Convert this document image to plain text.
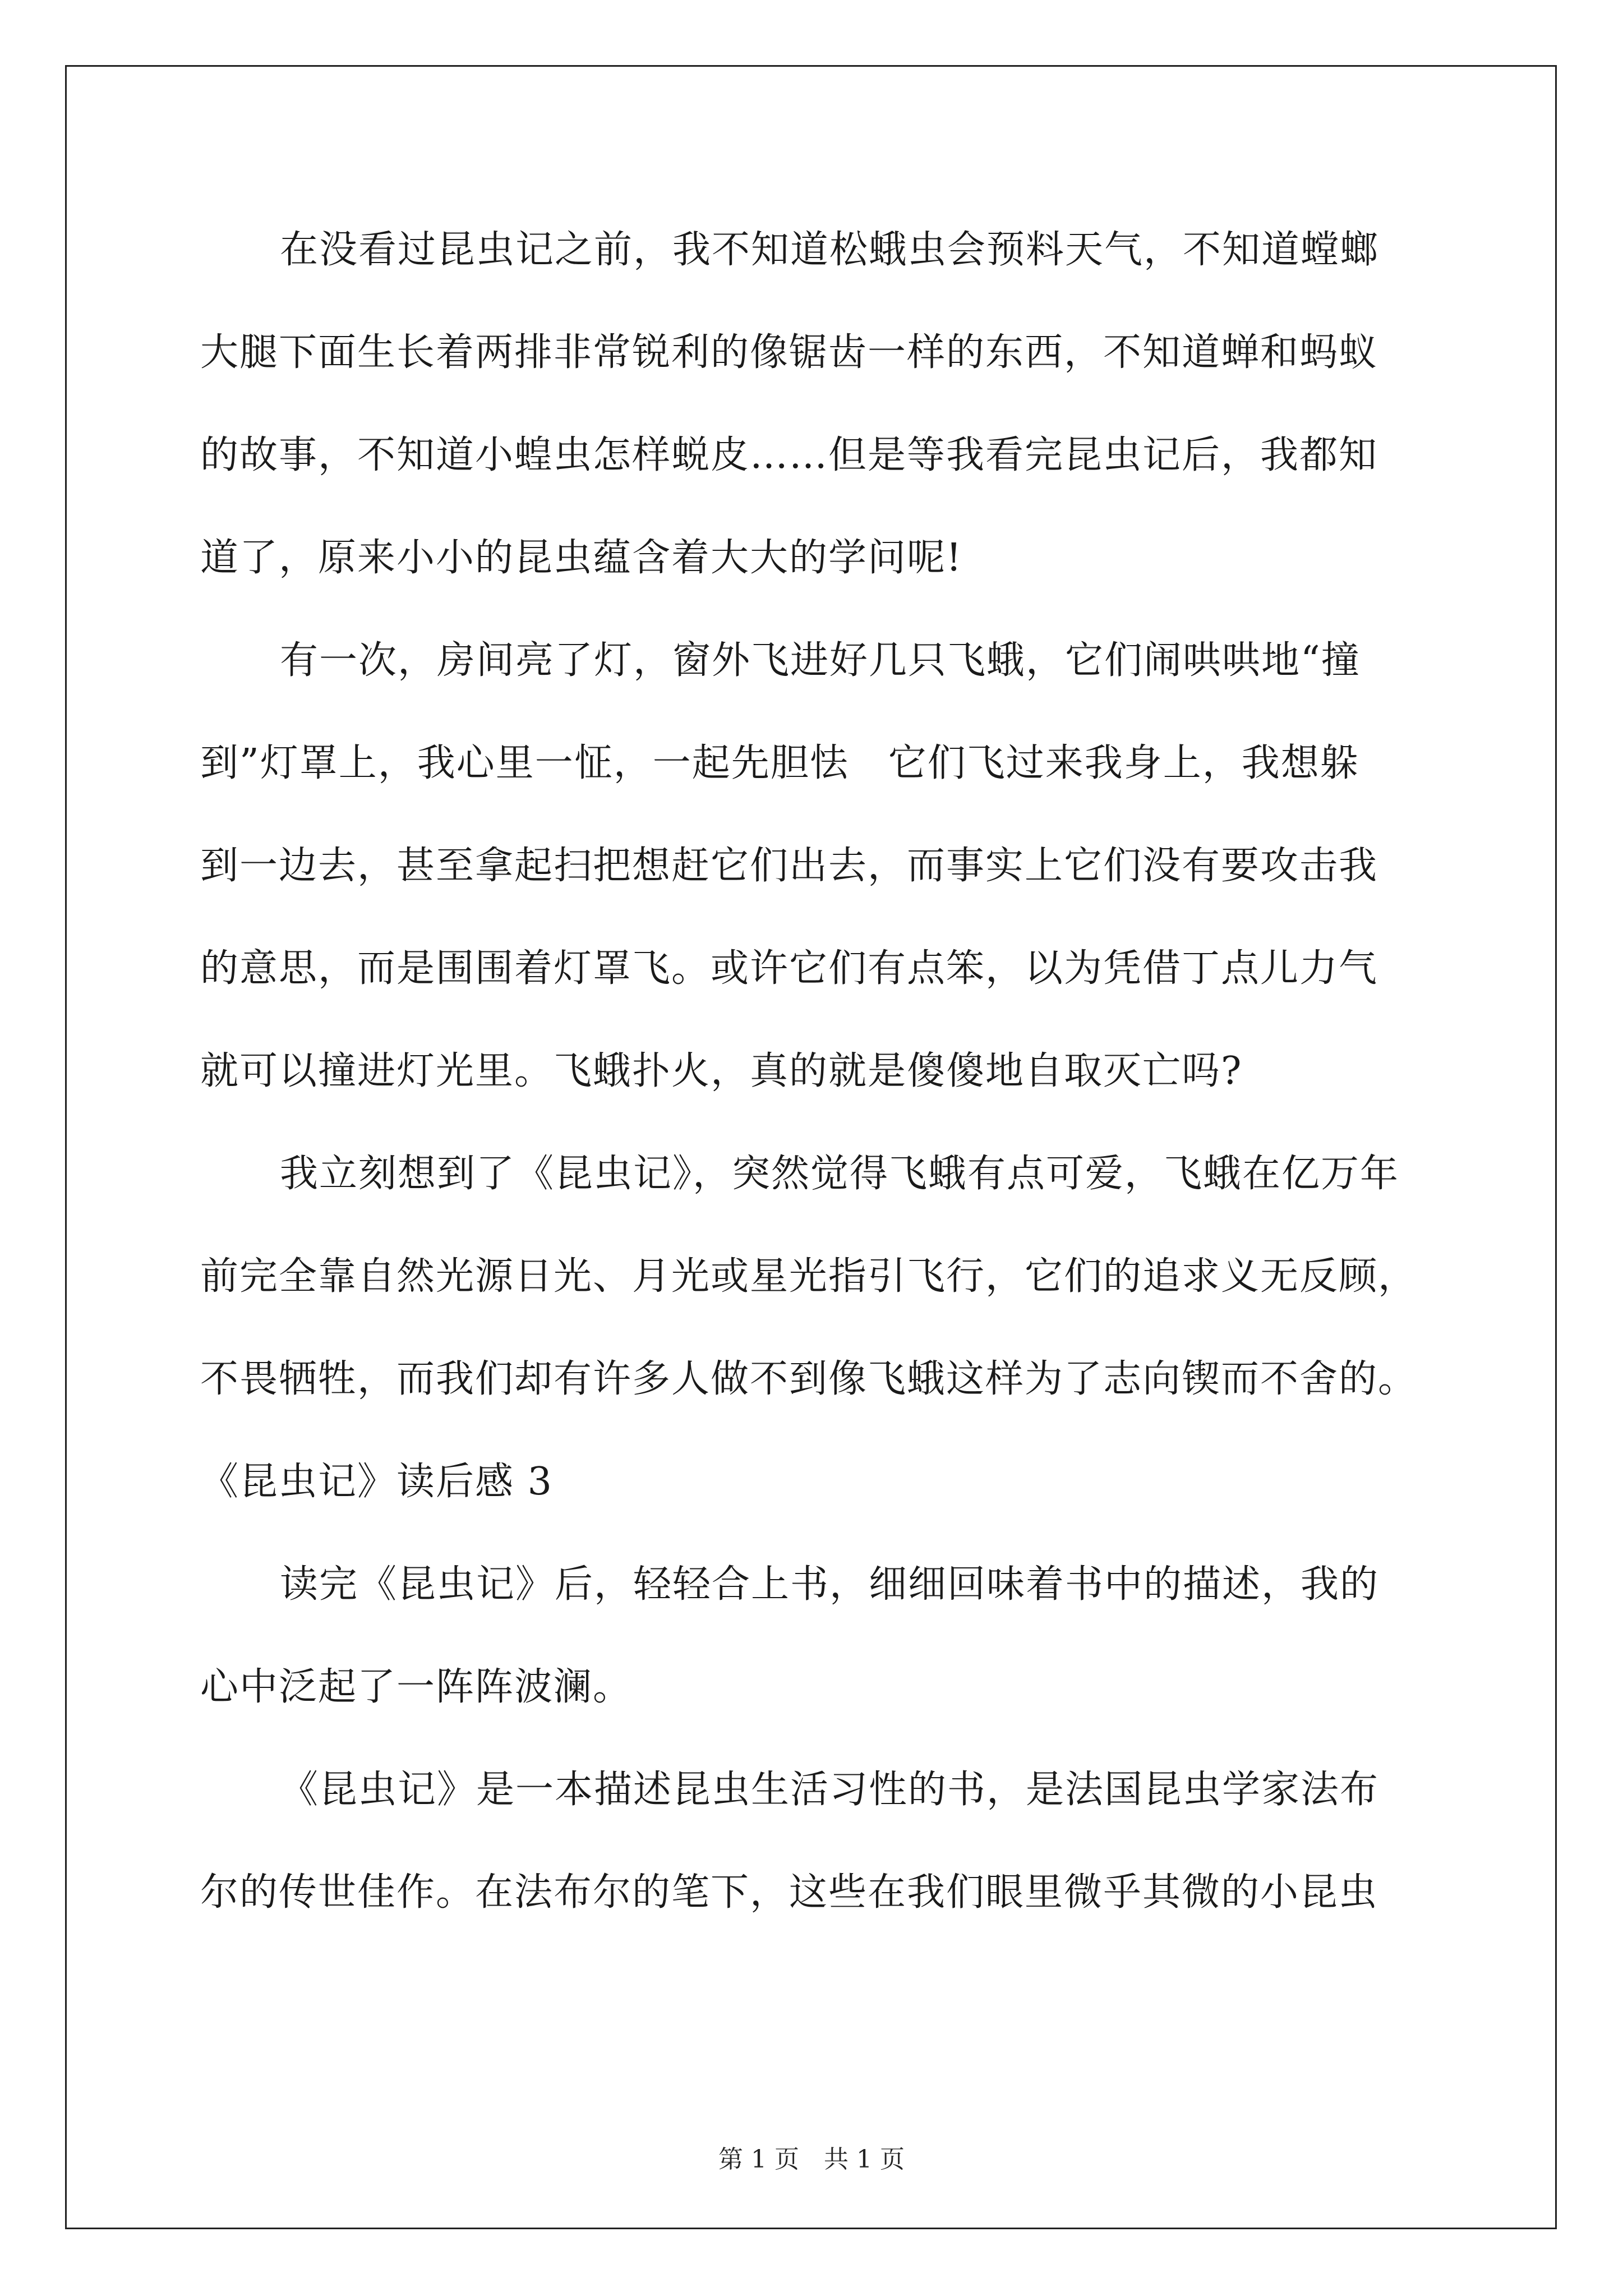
在没看过昆虫记之前，我不知道松蛾虫会预料天气，不知道螳螂
大腿下面生长着两排非常锐利的像锯齿一样的东西，不知道蝉和蚂蚁
的故事，不知道小蝗虫怎样蜕皮……但是等我看完昆虫记后，我都知
道了，原来小小的昆虫蕴含着大大的学问呢!
有一次，房间亮了灯，窗外飞进好几只飞蛾，它们闹哄哄地“撞
到”灯罩上，我心里一怔，一起先胆怯　它们飞过来我身上，我想躲
到一边去，甚至拿起扫把想赶它们出去，而事实上它们没有要攻击我
的意思，而是围围着灯罩飞。或许它们有点笨，以为凭借丁点儿力气
就可以撞进灯光里。飞蛾扑火，真的就是傻傻地自取灭亡吗?
我立刻想到了《昆虫记》，突然觉得飞蛾有点可爱，飞蛾在亿万年
前完全靠自然光源日光、月光或星光指引飞行，它们的追求义无反顾，
不畏牺牲，而我们却有许多人做不到像飞蛾这样为了志向锲而不舍的。
《昆虫记》读后感 3
读完《昆虫记》后，轻轻合上书，细细回味着书中的描述，我的
心中泛起了一阵阵波澜。
《昆虫记》是一本描述昆虫生活习性的书，是法国昆虫学家法布
尔的传世佳作。在法布尔的笔下，这些在我们眼里微乎其微的小昆虫
第 1 页　共 1 页
